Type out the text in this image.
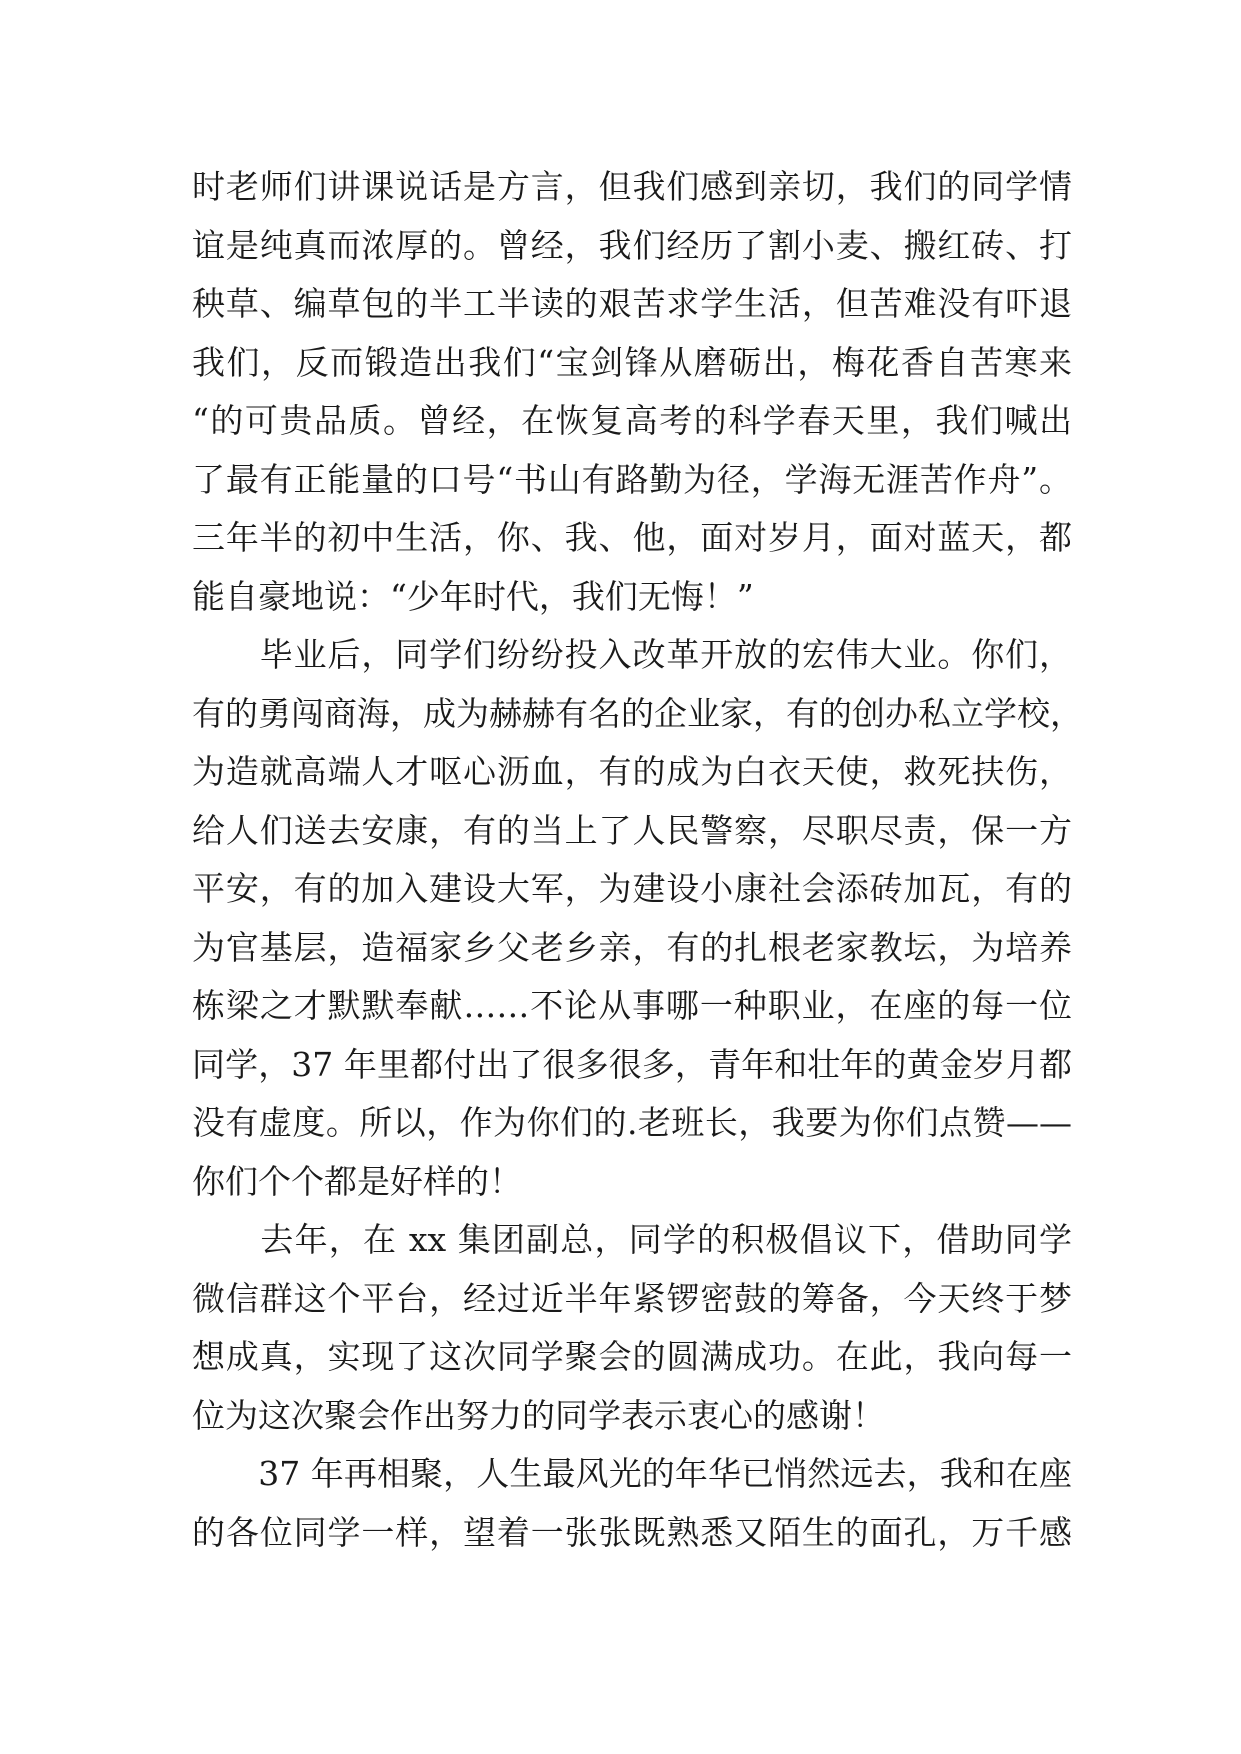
时老师们讲课说话是方言，但我们感到亲切，我们的同学情
谊是纯真而浓厚的。曾经，我们经历了割小麦、搬红砖、打
秧草、编草包的半工半读的艰苦求学生活，但苦难没有吓退
我们，反而锻造出我们“宝剑锋从磨砺出，梅花香自苦寒来
“的可贵品质。曾经，在恢复高考的科学春天里，我们喊出
了最有正能量的口号“书山有路勤为径，学海无涯苦作舟”。
三年半的初中生活，你、我、他，面对岁月，面对蓝天，都
能自豪地说：“少年时代，我们无悔！”
　　毕业后，同学们纷纷投入改革开放的宏伟大业。你们，
有的勇闯商海，成为赫赫有名的企业家，有的创办私立学校，
为造就高端人才呕心沥血，有的成为白衣天使，救死扶伤，
给人们送去安康，有的当上了人民警察，尽职尽责，保一方
平安，有的加入建设大军，为建设小康社会添砖加瓦，有的
为官基层，造福家乡父老乡亲，有的扎根老家教坛，为培养
栋梁之才默默奉献……不论从事哪一种职业，在座的每一位
同学，37 年里都付出了很多很多，青年和壮年的黄金岁月都
没有虚度。所以，作为你们的.老班长，我要为你们点赞——
你们个个都是好样的！
　　去年，在 xx 集团副总，同学的积极倡议下，借助同学
微信群这个平台，经过近半年紧锣密鼓的筹备，今天终于梦
想成真，实现了这次同学聚会的圆满成功。在此，我向每一
位为这次聚会作出努力的同学表示衷心的感谢！
　　37 年再相聚，人生最风光的年华已悄然远去，我和在座
的各位同学一样，望着一张张既熟悉又陌生的面孔，万千感
